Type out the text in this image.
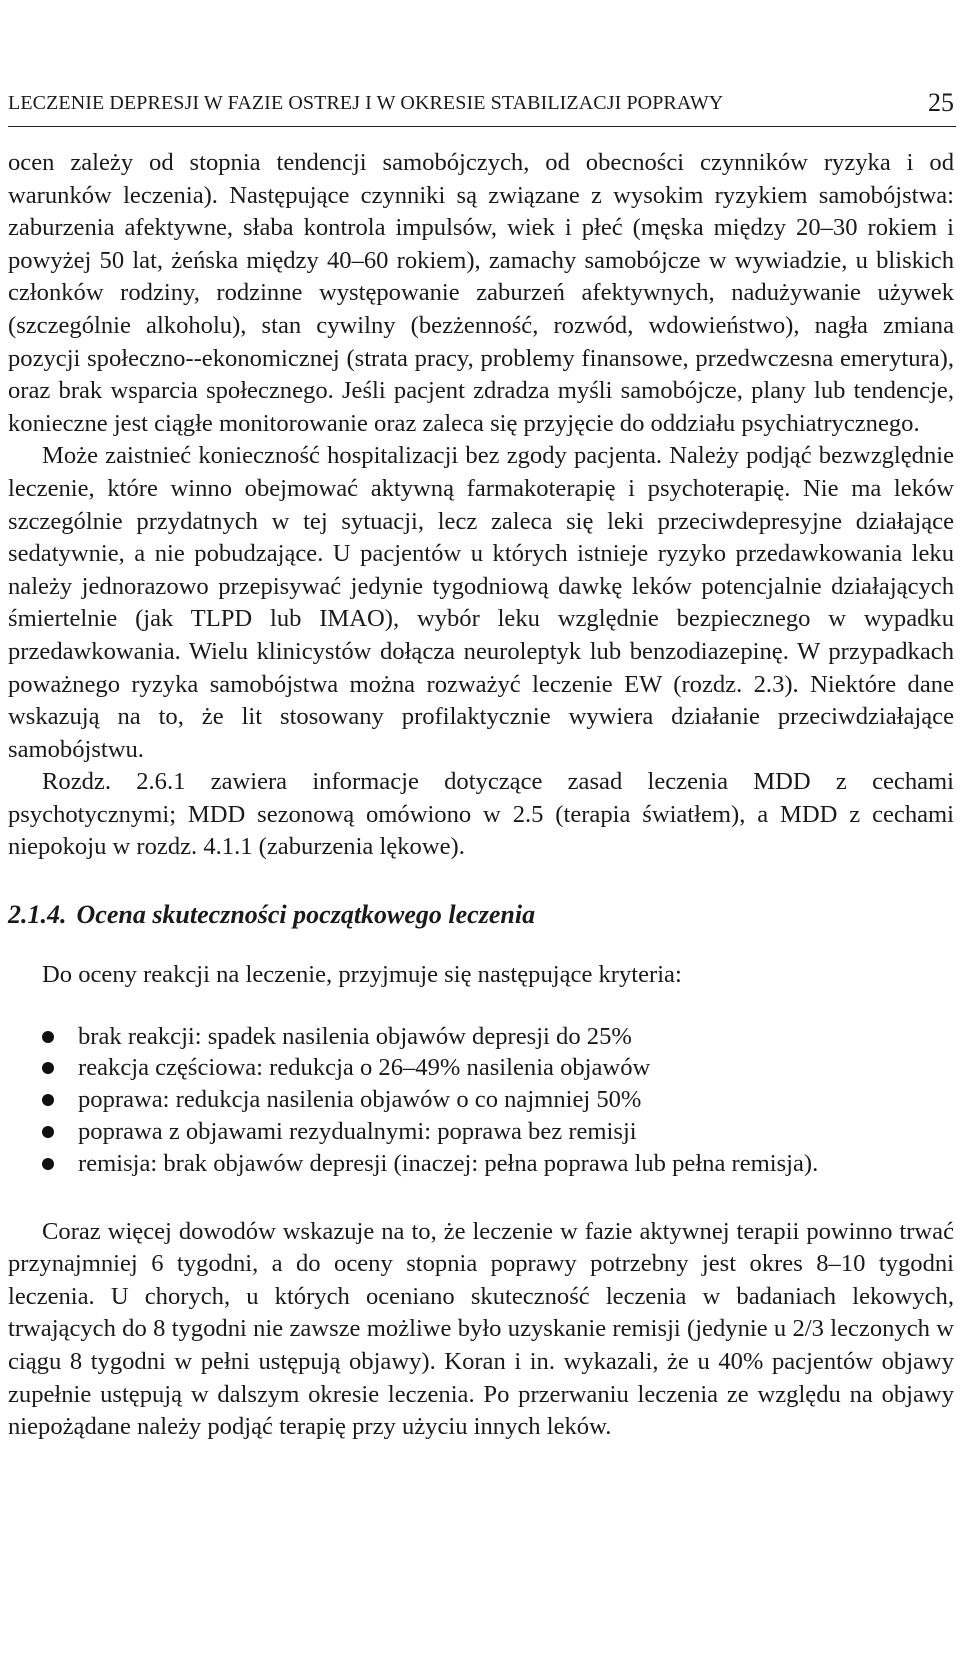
LECZENIE DEPRESJI W FAZIE OSTREJ I W OKRESIE STABILIZACJI POPRAWY	25

ocen zależy od stopnia tendencji samobójczych, od obecności czynników ryzyka i od warunków leczenia). Następujące czynniki są związane z wysokim ryzykiem samobójstwa: zaburzenia afektywne, słaba kontrola impulsów, wiek i płeć (męska między 20–30 rokiem i powyżej 50 lat, żeńska między 40–60 rokiem), zamachy samobójcze w wywiadzie, u bliskich członków rodziny, rodzinne występowanie zaburzeń afektywnych, nadużywanie używek (szczególnie alkoholu), stan cywilny (bezżenność, rozwód, wdowieństwo), nagła zmiana pozycji społeczno--ekonomicznej (strata pracy, problemy finansowe, przedwczesna emerytura), oraz brak wsparcia społecznego. Jeśli pacjent zdradza myśli samobójcze, plany lub tendencje, konieczne jest ciągłe monitorowanie oraz zaleca się przyjęcie do oddziału psychiatrycznego.

Może zaistnieć konieczność hospitalizacji bez zgody pacjenta. Należy podjąć bezwzględnie leczenie, które winno obejmować aktywną farmakoterapię i psychoterapię. Nie ma leków szczególnie przydatnych w tej sytuacji, lecz zaleca się leki przeciwdepresyjne działające sedatywnie, a nie pobudzające. U pacjentów u których istnieje ryzyko przedawkowania leku należy jednorazowo przepisywać jedynie tygodniową dawkę leków potencjalnie działających śmiertelnie (jak TLPD lub IMAO), wybór leku względnie bezpiecznego w wypadku przedawkowania. Wielu klinicystów dołącza neuroleptyk lub benzodiazepinę. W przypadkach poważnego ryzyka samobójstwa można rozważyć leczenie EW (rozdz. 2.3). Niektóre dane wskazują na to, że lit stosowany profilaktycznie wywiera działanie przeciwdziałające samobójstwu.

Rozdz. 2.6.1 zawiera informacje dotyczące zasad leczenia MDD z cechami psychotycznymi; MDD sezonową omówiono w 2.5 (terapia światłem), a MDD z cechami niepokoju w rozdz. 4.1.1 (zaburzenia lękowe).

2.1.4. Ocena skuteczności początkowego leczenia

Do oceny reakcji na leczenie, przyjmuje się następujące kryteria:

brak reakcji: spadek nasilenia objawów depresji do 25%
reakcja częściowa: redukcja o 26–49% nasilenia objawów
poprawa: redukcja nasilenia objawów o co najmniej 50%
poprawa z objawami rezydualnymi: poprawa bez remisji
remisja: brak objawów depresji (inaczej: pełna poprawa lub pełna remisja).

Coraz więcej dowodów wskazuje na to, że leczenie w fazie aktywnej terapii powinno trwać przynajmniej 6 tygodni, a do oceny stopnia poprawy potrzebny jest okres 8–10 tygodni leczenia. U chorych, u których oceniano skuteczność leczenia w badaniach lekowych, trwających do 8 tygodni nie zawsze możliwe było uzyskanie remisji (jedynie u 2/3 leczonych w ciągu 8 tygodni w pełni ustępują objawy). Koran i in. wykazali, że u 40% pacjentów objawy zupełnie ustępują w dalszym okresie leczenia. Po przerwaniu leczenia ze względu na objawy niepożądane należy podjąć terapię przy użyciu innych leków.
